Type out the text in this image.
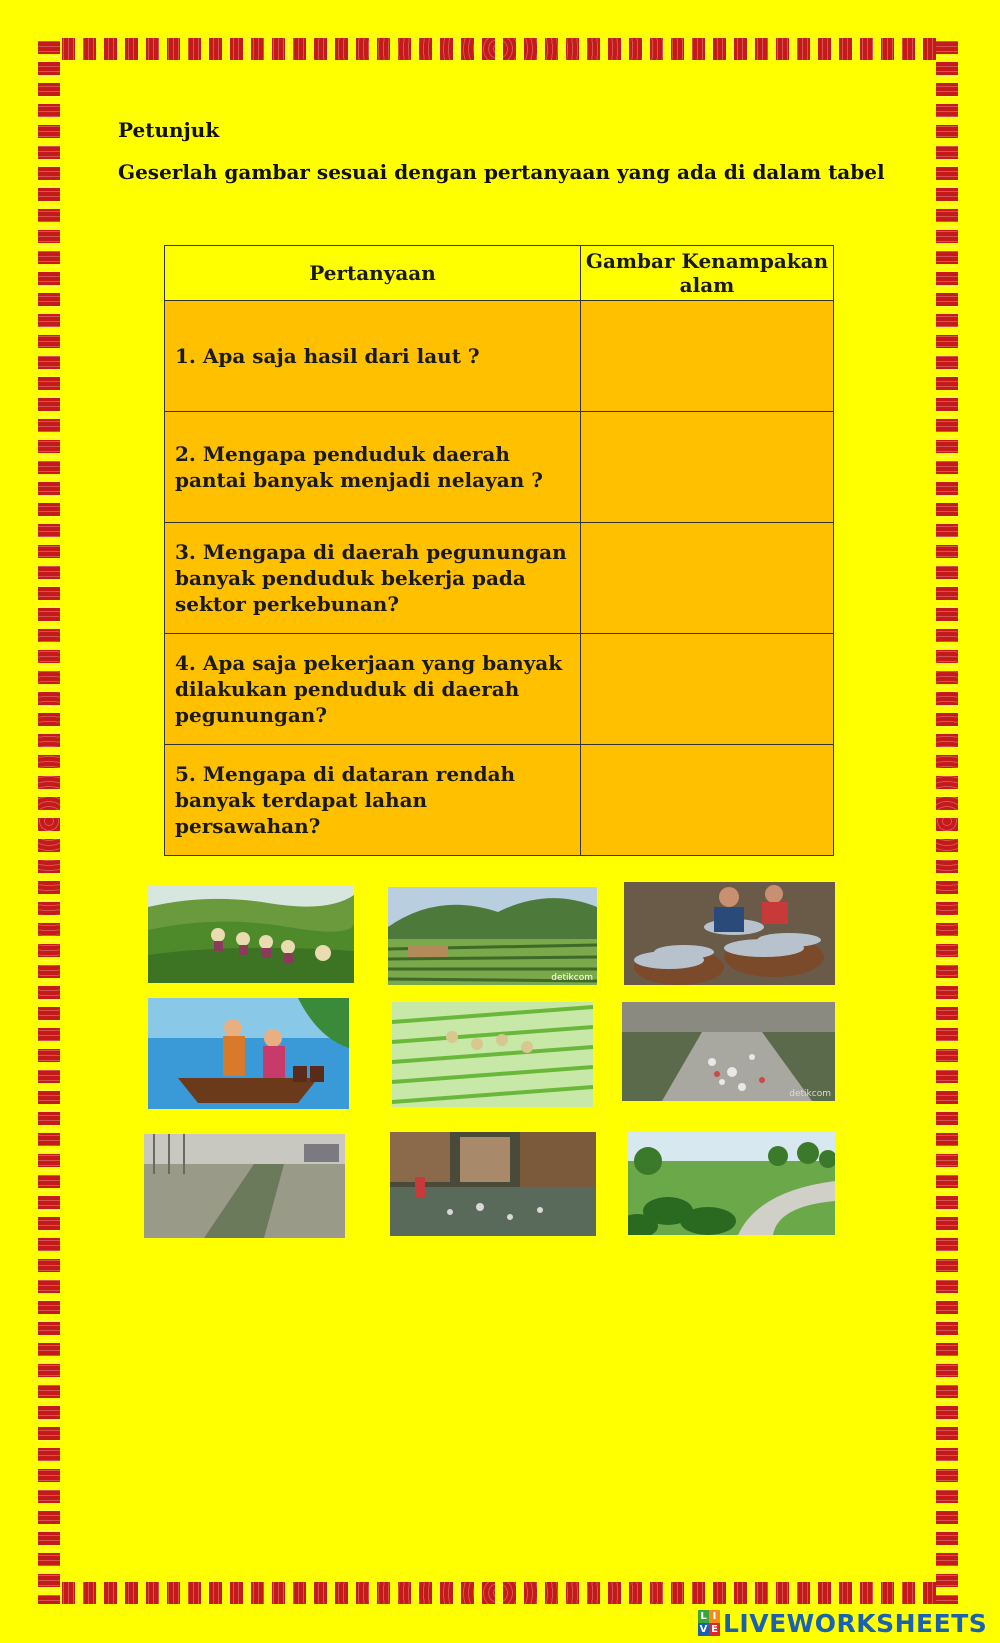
Petunjuk
Geserlah gambar sesuai dengan pertanyaan yang ada di dalam tabel
Pertanyaan	Gambar Kenampakan alam
1. Apa saja hasil dari laut ?	
2. Mengapa penduduk daerah pantai banyak menjadi nelayan ?	
3. Mengapa di daerah pegunungan banyak penduduk bekerja pada sektor perkebunan?	
4. Apa saja pekerjaan yang banyak dilakukan penduduk di daerah pegunungan?	
5. Mengapa di dataran rendah banyak terdapat lahan persawahan?	
detikcom
detikcom
L I
V E LIVEWORKSHEETS
